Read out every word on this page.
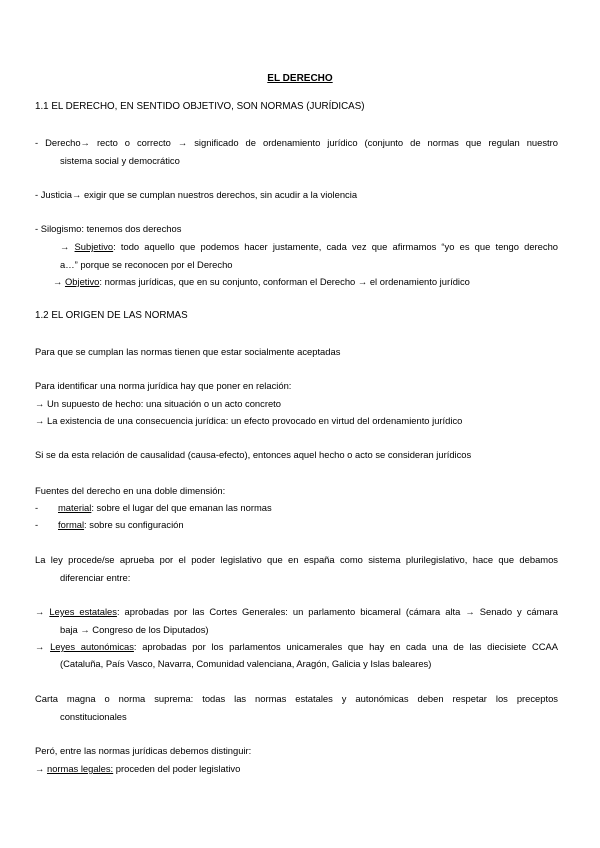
EL DERECHO
1.1 EL DERECHO, EN SENTIDO OBJETIVO, SON NORMAS (JURÍDICAS)
- Derecho→ recto o correcto → significado de ordenamiento jurídico (conjunto de normas que regulan nuestro
sistema social y democrático
- Justicia→ exigir que se cumplan nuestros derechos, sin acudir a la violencia
- Silogismo: tenemos dos derechos
→ Subjetivo: todo aquello que podemos hacer justamente, cada vez que afirmamos “yo es que tengo derecho
a…” porque se reconocen por el Derecho
→ Objetivo: normas jurídicas, que en su conjunto, conforman el Derecho → el ordenamiento jurídico
1.2 EL ORIGEN DE LAS NORMAS
Para que se cumplan las normas tienen que estar socialmente aceptadas
Para identificar una norma jurídica hay que poner en relación:
→ Un supuesto de hecho: una situación o un acto concreto
→ La existencia de una consecuencia jurídica: un efecto provocado en virtud del ordenamiento jurídico
Si se da esta relación de causalidad (causa-efecto), entonces aquel hecho o acto se consideran jurídicos
Fuentes del derecho en una doble dimensión:
- material: sobre el lugar del que emanan las normas
- formal: sobre su configuración
La ley procede/se aprueba por el poder legislativo que en españa como sistema plurilegislativo, hace que debamos
diferenciar entre:
→ Leyes estatales: aprobadas por las Cortes Generales: un parlamento bicameral (cámara alta → Senado y cámara
baja → Congreso de los Diputados)
→ Leyes autonómicas: aprobadas por los parlamentos unicamerales que hay en cada una de las diecisiete CCAA
(Cataluña, País Vasco, Navarra, Comunidad valenciana, Aragón, Galicia y Islas baleares)
Carta magna o norma suprema: todas las normas estatales y autonómicas deben respetar los preceptos
constitucionales
Peró, entre las normas jurídicas debemos distinguir:
→ normas legales: proceden del poder legislativo
